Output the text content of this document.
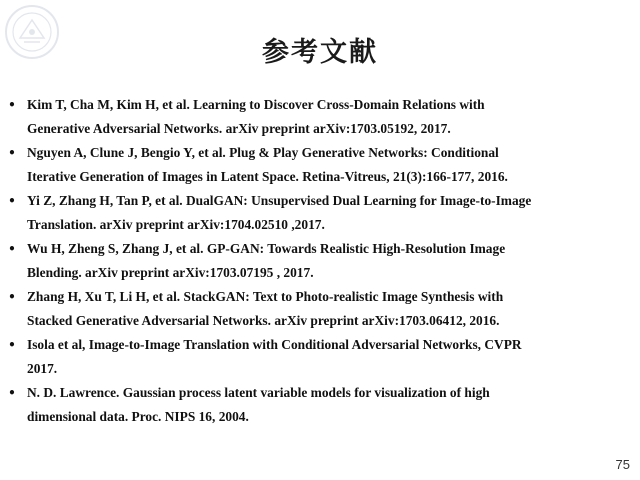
参考文献
• Kim T, Cha M, Kim H, et al. Learning to Discover Cross-Domain Relations with
Generative Adversarial Networks. arXiv preprint arXiv:1703.05192, 2017.
• Nguyen A, Clune J, Bengio Y, et al. Plug & Play Generative Networks: Conditional
Iterative Generation of Images in Latent Space. Retina-Vitreus, 21(3):166-177, 2016.
• Yi Z, Zhang H, Tan P, et al. DualGAN: Unsupervised Dual Learning for Image-to-Image
Translation. arXiv preprint arXiv:1704.02510 ,2017.
• Wu H, Zheng S, Zhang J, et al. GP-GAN: Towards Realistic High-Resolution Image
Blending. arXiv preprint arXiv:1703.07195 , 2017.
• Zhang H, Xu T, Li H, et al. StackGAN: Text to Photo-realistic Image Synthesis with
Stacked Generative Adversarial Networks. arXiv preprint arXiv:1703.06412, 2016.
• Isola et al, Image-to-Image Translation with Conditional Adversarial Networks, CVPR
2017.
• N. D. Lawrence. Gaussian process latent variable models for visualization of high
dimensional data. Proc. NIPS 16, 2004.
75
